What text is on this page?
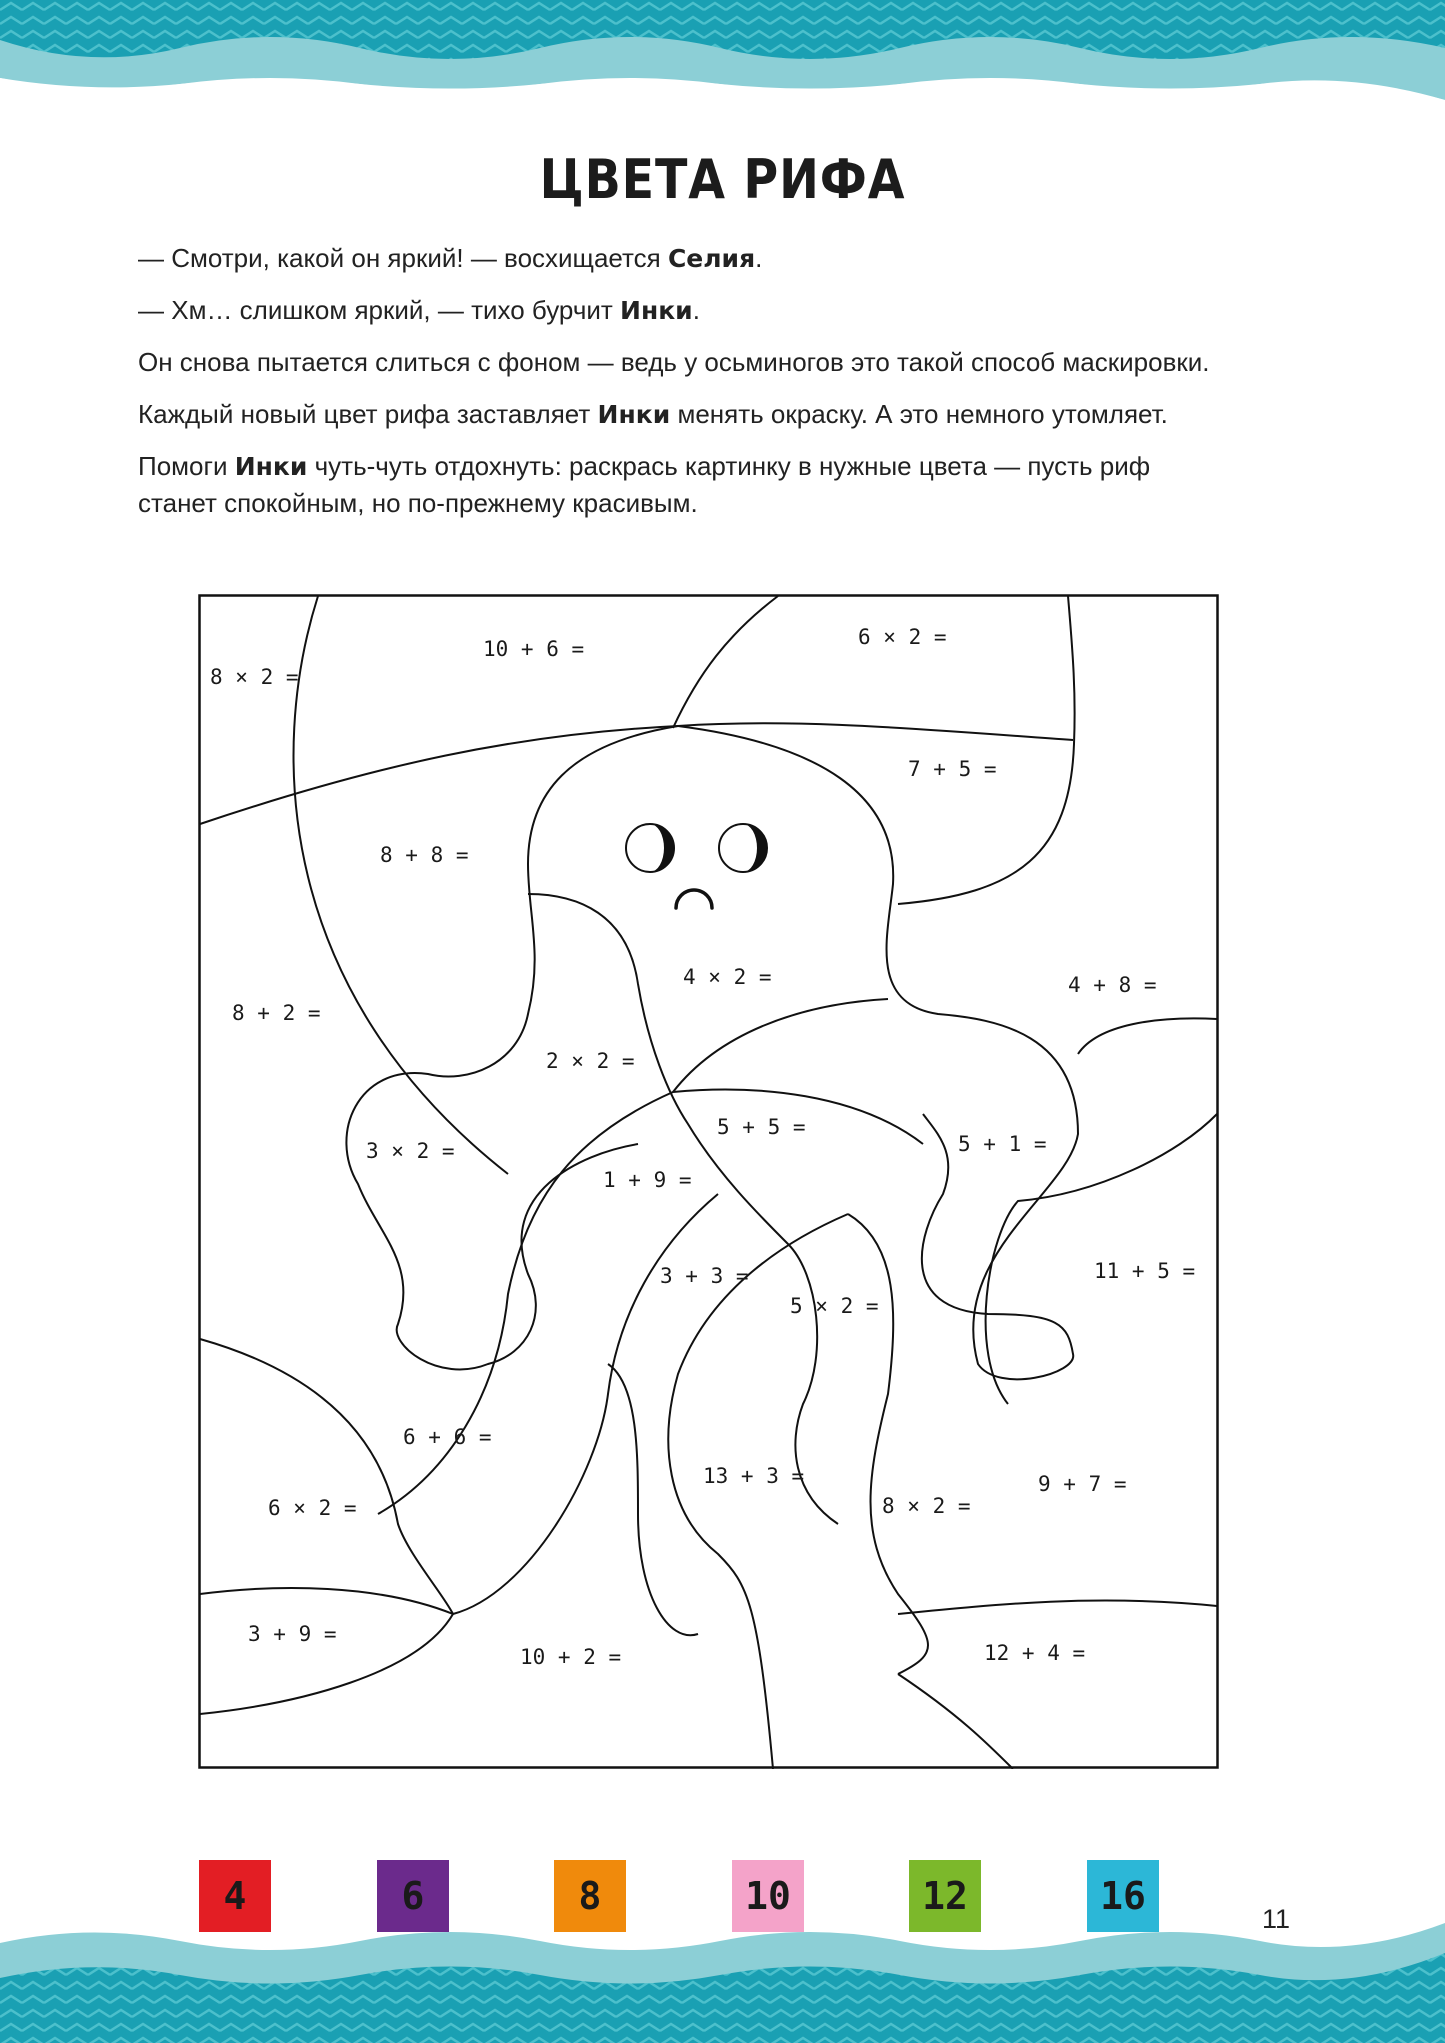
ЦВЕТА РИФА

— Смотри, какой он яркий! — восхищается Селия.

— Хм… слишком яркий, — тихо бурчит Инки.

Он снова пытается слиться с фоном — ведь у осьминогов это такой способ маскировки.

Каждый новый цвет рифа заставляет Инки менять окраску. А это немного утомляет.

Помоги Инки чуть-чуть отдохнуть: раскрась картинку в нужные цвета — пусть риф станет спокойным, но по-прежнему красивым.

8 × 2 =
10 + 6 =	6 × 2 =
7 + 5 =
8 + 8 =
4 × 2 =	4 + 8 =
8 + 2 =
2 × 2 =
3 × 2 =
5 + 5 =
5 + 1 =
1 + 9 =
3 + 3 =
5 × 2 =
11 + 5 =
6 + 6 =
13 + 3 =	9 + 7 =
6 × 2 =	8 × 2 =
3 + 9 =
10 + 2 =	12 + 4 =
4	6	8	10	12	16
11
